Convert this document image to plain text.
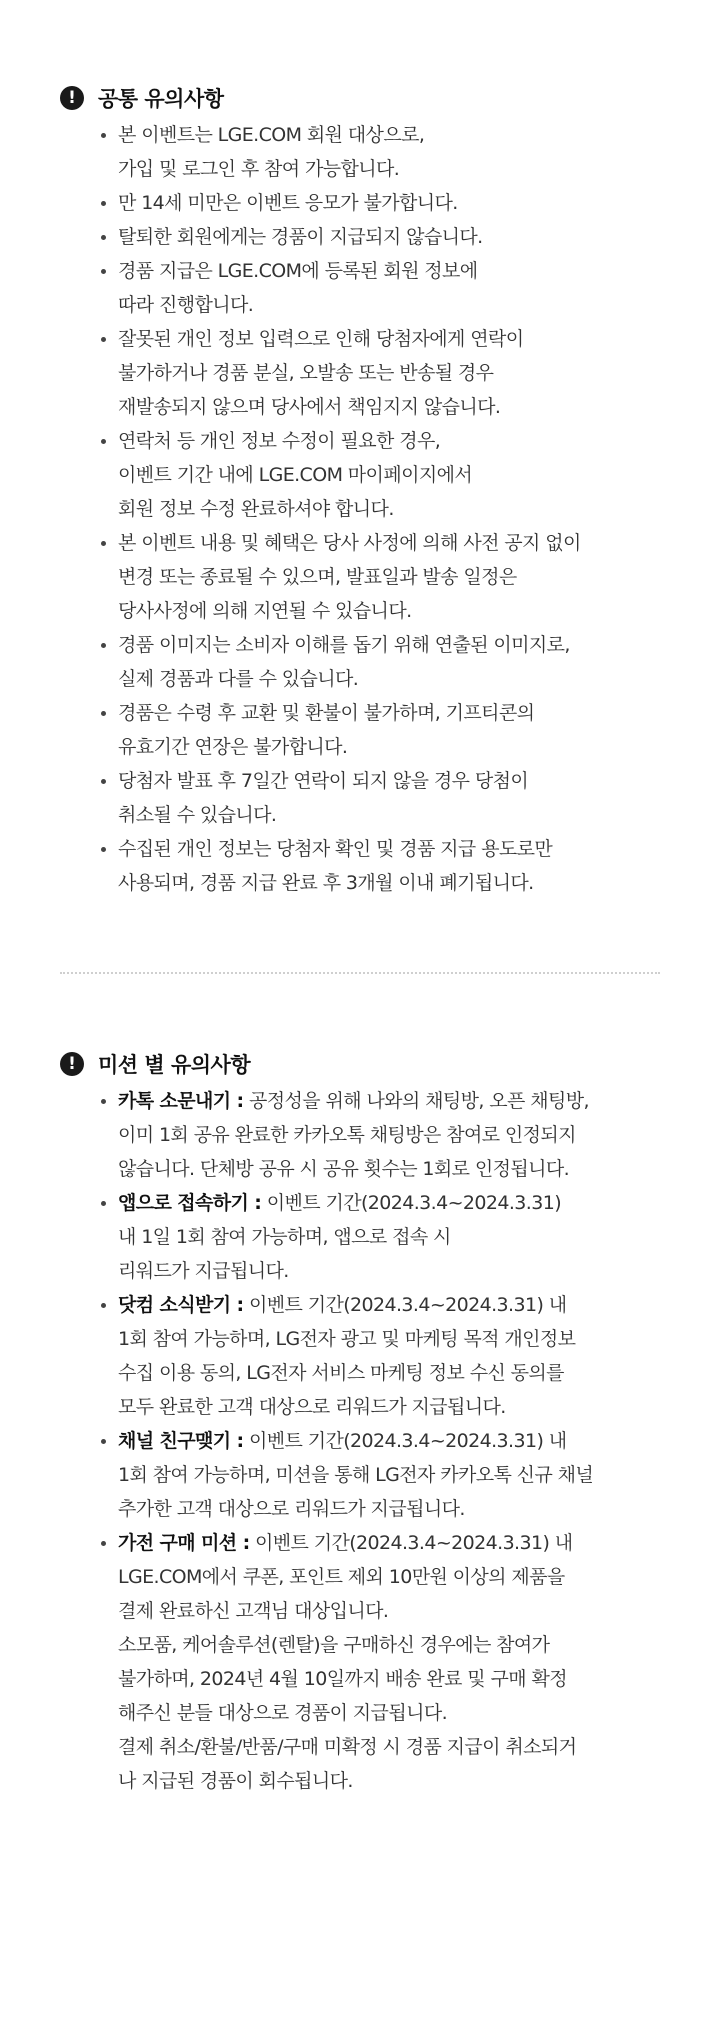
!	공통 유의사항
본 이벤트는 LGE.COM 회원 대상으로,
가입 및 로그인 후 참여 가능합니다.
만 14세 미만은 이벤트 응모가 불가합니다.
탈퇴한 회원에게는 경품이 지급되지 않습니다.
경품 지급은 LGE.COM에 등록된 회원 정보에
따라 진행합니다.
잘못된 개인 정보 입력으로 인해 당첨자에게 연락이
불가하거나 경품 분실, 오발송 또는 반송될 경우
재발송되지 않으며 당사에서 책임지지 않습니다.
연락처 등 개인 정보 수정이 필요한 경우,
이벤트 기간 내에 LGE.COM 마이페이지에서
회원 정보 수정 완료하셔야 합니다.
본 이벤트 내용 및 혜택은 당사 사정에 의해 사전 공지 없이
변경 또는 종료될 수 있으며, 발표일과 발송 일정은
당사사정에 의해 지연될 수 있습니다.
경품 이미지는 소비자 이해를 돕기 위해 연출된 이미지로,
실제 경품과 다를 수 있습니다.
경품은 수령 후 교환 및 환불이 불가하며, 기프티콘의
유효기간 연장은 불가합니다.
당첨자 발표 후 7일간 연락이 되지 않을 경우 당첨이
취소될 수 있습니다.
수집된 개인 정보는 당첨자 확인 및 경품 지급 용도로만
사용되며, 경품 지급 완료 후 3개월 이내 폐기됩니다.
!	미션 별 유의사항
카톡 소문내기 : 공정성을 위해 나와의 채팅방, 오픈 채팅방,
이미 1회 공유 완료한 카카오톡 채팅방은 참여로 인정되지
않습니다. 단체방 공유 시 공유 횟수는 1회로 인정됩니다.
앱으로 접속하기 : 이벤트 기간(2024.3.4~2024.3.31)
내 1일 1회 참여 가능하며, 앱으로 접속 시
리워드가 지급됩니다.
닷컴 소식받기 : 이벤트 기간(2024.3.4~2024.3.31) 내
1회 참여 가능하며, LG전자 광고 및 마케팅 목적 개인정보
수집 이용 동의, LG전자 서비스 마케팅 정보 수신 동의를
모두 완료한 고객 대상으로 리워드가 지급됩니다.
채널 친구맺기 : 이벤트 기간(2024.3.4~2024.3.31) 내
1회 참여 가능하며, 미션을 통해 LG전자 카카오톡 신규 채널
추가한 고객 대상으로 리워드가 지급됩니다.
가전 구매 미션 : 이벤트 기간(2024.3.4~2024.3.31) 내
LGE.COM에서 쿠폰, 포인트 제외 10만원 이상의 제품을
결제 완료하신 고객님 대상입니다.
소모품, 케어솔루션(렌탈)을 구매하신 경우에는 참여가
불가하며, 2024년 4월 10일까지 배송 완료 및 구매 확정
해주신 분들 대상으로 경품이 지급됩니다.
결제 취소/환불/반품/구매 미확정 시 경품 지급이 취소되거
나 지급된 경품이 회수됩니다.
